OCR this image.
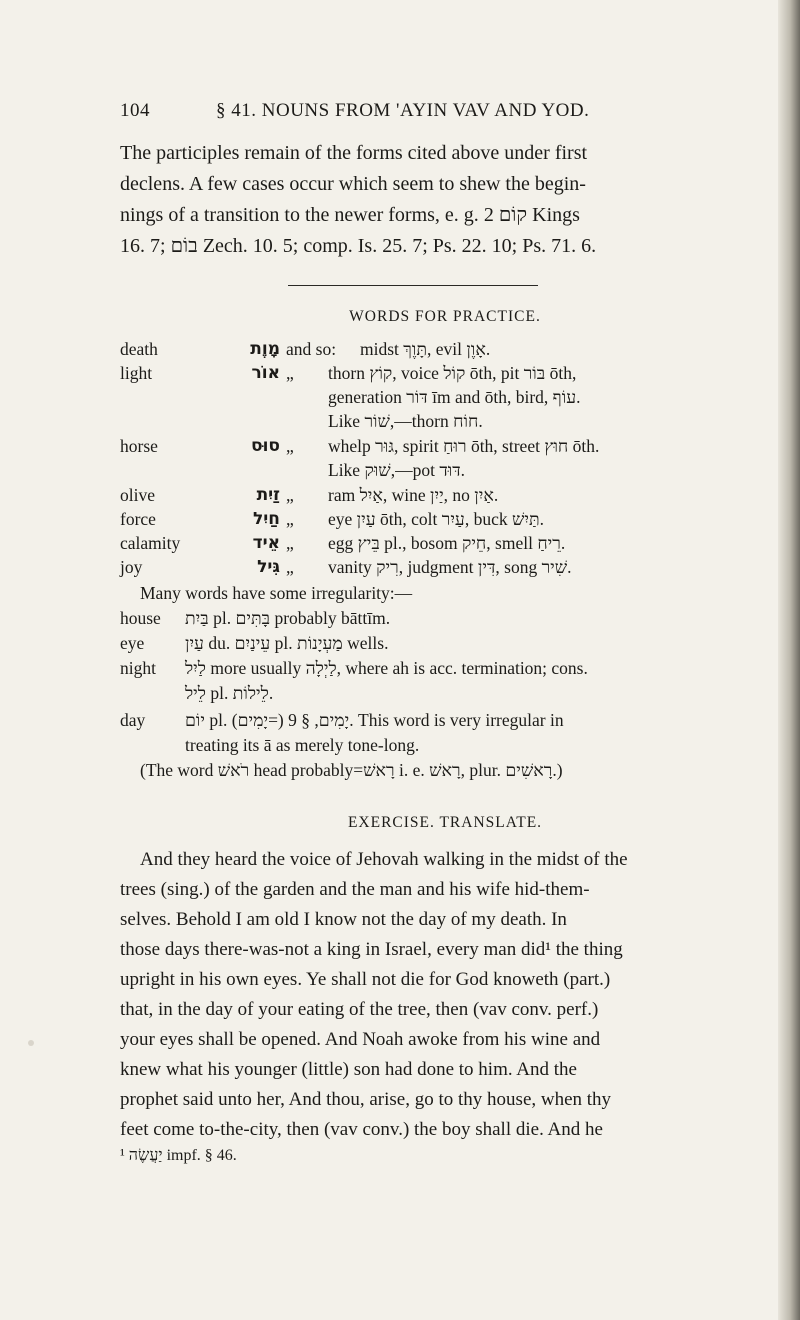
104	§ 41. NOUNS FROM 'AYIN VAV AND YOD.
The participles remain of the forms cited above under first
declens. A few cases occur which seem to shew the begin-
nings of a transition to the newer forms, e. g. קוֹם 2 Kings
16. 7; בוֹם Zech. 10. 5; comp. Is. 25. 7; Ps. 22. 10; Ps. 71. 6.
WORDS FOR PRACTICE.
death	מָוֶת and so:	midst תָּוֶךְ, evil אָוֶן.
light	אוֹר „	thorn קוֹץ, voice קוֹל ōth, pit בּוֹר ōth,
generation דּוֹר īm and ōth, bird, עוֹף.
Like שׁוֹר,—thorn חוֹח.
horse	סוּס „	whelp גּוּר, spirit רוּחַ ōth, street חוּץ ōth.
Like שׁוּק,—pot דּוּד.
olive	זַיִת „	ram אַיִל, wine יַיִן, no אַיִן.
force	חַיִל „	eye עַיִן ōth, colt עַיִר, buck תַּיִשׁ.
calamity	אֵיד „	egg בֵּיץ pl., bosom חֵיק, smell רֵיחַ.
joy	גִּיל „	vanity רִיק, judgment דִּין, song שִׁיר.
Many words have some irregularity:—
house	בַּיִת pl. בָּתִּים probably bāttīm.
eye	עַיִן du. עֵינַיִם pl. מַעְיָנוֹת wells.
night	לַיִל more usually לַיְלָה, where ah is acc. termination; cons.
לֵיל pl. לֵילוֹת.
day	יוֹם pl. (יָמִים=) יָמִים, § 9. This word is very irregular in
treating its ā as merely tone-long.
(The word רֹאשׁ head probably=רָאשׁ i. e. רָאשׁ, plur. רָאשִׁים.)
EXERCISE. TRANSLATE.
And they heard the voice of Jehovah walking in the midst of the
trees (sing.) of the garden and the man and his wife hid-them-
selves. Behold I am old I know not the day of my death. In
those days there-was-not a king in Israel, every man did¹ the thing
upright in his own eyes. Ye shall not die for God knoweth (part.)
that, in the day of your eating of the tree, then (vav conv. perf.)
your eyes shall be opened. And Noah awoke from his wine and
knew what his younger (little) son had done to him. And the
prophet said unto her, And thou, arise, go to thy house, when thy
feet come to-the-city, then (vav conv.) the boy shall die. And he
¹ יַעֲשֶׂה impf. § 46.
